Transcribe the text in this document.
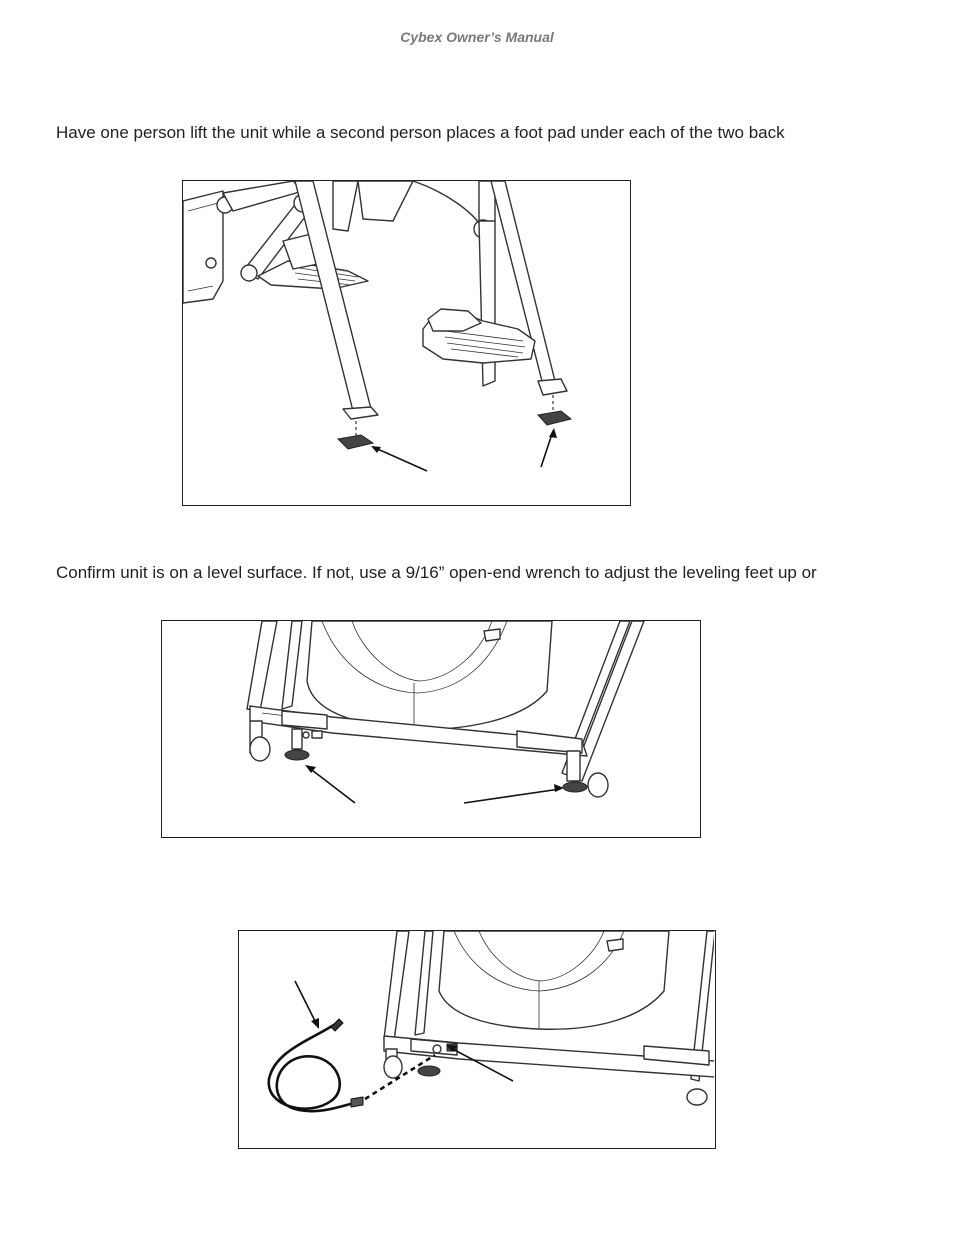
Cybex Owner’s Manual
Have one person lift the unit while a second person places a foot pad under each of the two back
Confirm unit is on a level surface. If not, use a 9/16” open-end wrench to adjust the leveling feet up or
